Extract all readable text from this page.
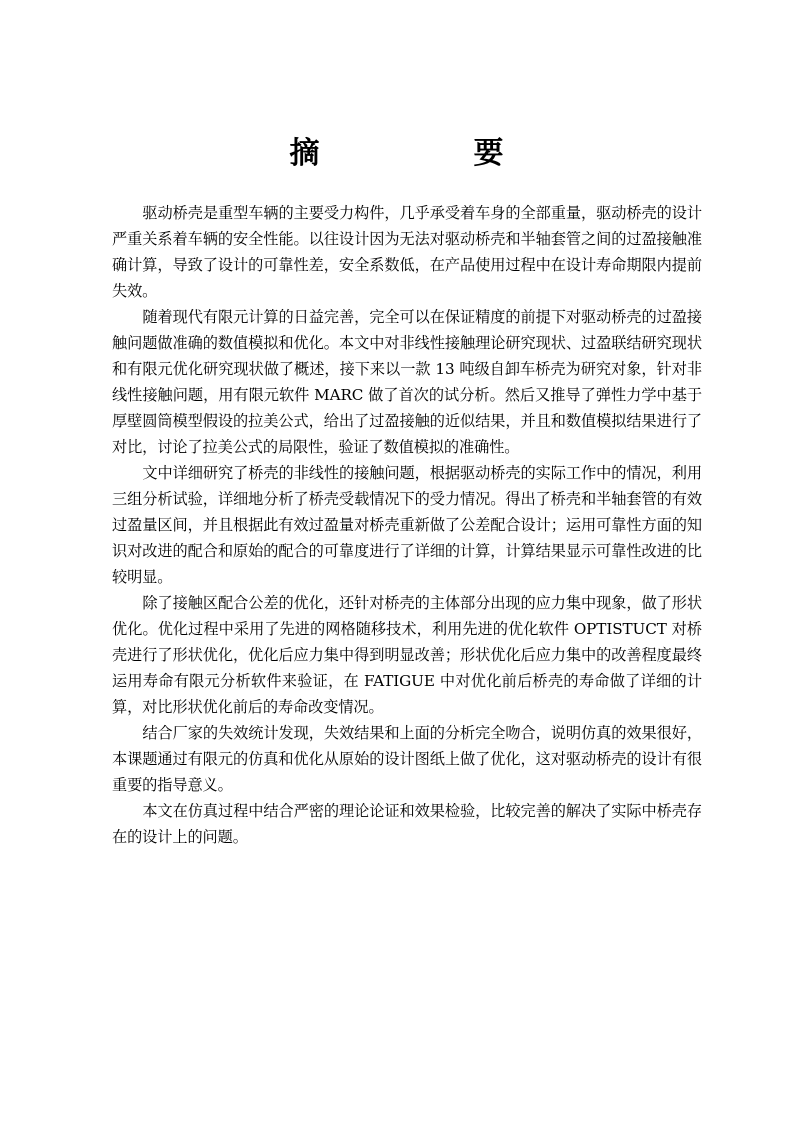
摘　要

驱动桥壳是重型车辆的主要受力构件，几乎承受着车身的全部重量，驱动桥壳的设计严重关系着车辆的安全性能。以往设计因为无法对驱动桥壳和半轴套管之间的过盈接触准确计算，导致了设计的可靠性差，安全系数低，在产品使用过程中在设计寿命期限内提前失效。

随着现代有限元计算的日益完善，完全可以在保证精度的前提下对驱动桥壳的过盈接触问题做准确的数值模拟和优化。本文中对非线性接触理论研究现状、过盈联结研究现状和有限元优化研究现状做了概述，接下来以一款 13 吨级自卸车桥壳为研究对象，针对非线性接触问题，用有限元软件 MARC 做了首次的试分析。然后又推导了弹性力学中基于厚壁圆筒模型假设的拉美公式，给出了过盈接触的近似结果，并且和数值模拟结果进行了对比，讨论了拉美公式的局限性，验证了数值模拟的准确性。

文中详细研究了桥壳的非线性的接触问题，根据驱动桥壳的实际工作中的情况，利用三组分析试验，详细地分析了桥壳受载情况下的受力情况。得出了桥壳和半轴套管的有效过盈量区间，并且根据此有效过盈量对桥壳重新做了公差配合设计；运用可靠性方面的知识对改进的配合和原始的配合的可靠度进行了详细的计算，计算结果显示可靠性改进的比较明显。

除了接触区配合公差的优化，还针对桥壳的主体部分出现的应力集中现象，做了形状优化。优化过程中采用了先进的网格随移技术，利用先进的优化软件 OPTISTUCT 对桥壳进行了形状优化，优化后应力集中得到明显改善；形状优化后应力集中的改善程度最终运用寿命有限元分析软件来验证，在 FATIGUE 中对优化前后桥壳的寿命做了详细的计算，对比形状优化前后的寿命改变情况。

结合厂家的失效统计发现，失效结果和上面的分析完全吻合，说明仿真的效果很好，本课题通过有限元的仿真和优化从原始的设计图纸上做了优化，这对驱动桥壳的设计有很重要的指导意义。

本文在仿真过程中结合严密的理论论证和效果检验，比较完善的解决了实际中桥壳存在的设计上的问题。
